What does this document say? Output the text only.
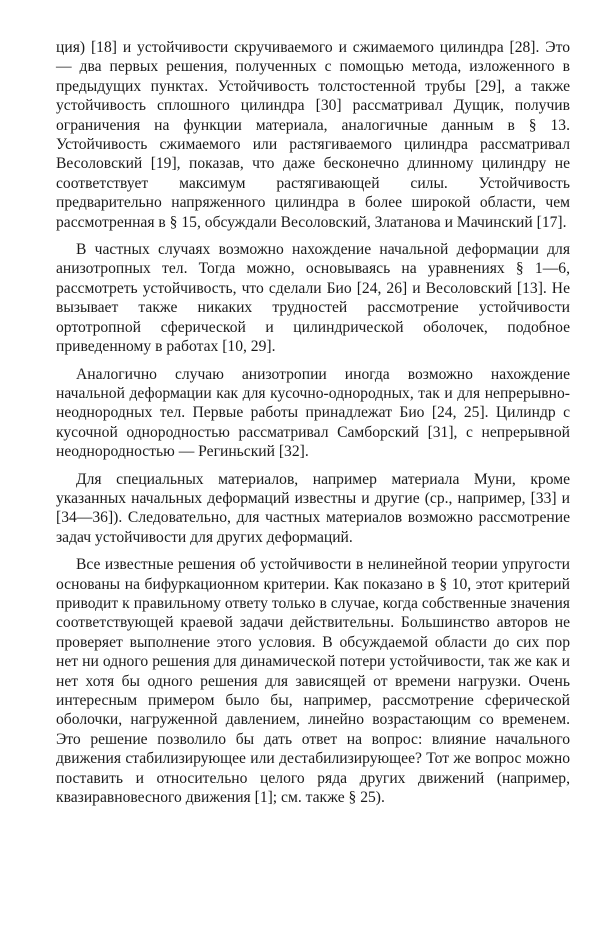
ция) [18] и устойчивости скручиваемого и сжимаемого цилиндра [28]. Это — два первых решения, полученных с помощью метода, изложенного в предыдущих пунктах. Устойчивость толстостенной трубы [29], а также устойчивость сплошного цилиндра [30] рассматривал Дущик, получив ограничения на функции материала, аналогичные данным в § 13. Устойчивость сжимаемого или растягиваемого цилиндра рассматривал Весоловский [19], показав, что даже бесконечно длинному цилиндру не соответствует максимум растягивающей силы. Устойчивость предварительно напряженного цилиндра в более широкой области, чем рассмотренная в § 15, обсуждали Весоловский, Златанова и Мачинский [17].

В частных случаях возможно нахождение начальной деформации для анизотропных тел. Тогда можно, основываясь на уравнениях § 1—6, рассмотреть устойчивость, что сделали Био [24, 26] и Весоловский [13]. Не вызывает также никаких трудностей рассмотрение устойчивости ортотропной сферической и цилиндрической оболочек, подобное приведенному в работах [10, 29].

Аналогично случаю анизотропии иногда возможно нахождение начальной деформации как для кусочно-однородных, так и для непрерывно-неоднородных тел. Первые работы принадлежат Био [24, 25]. Цилиндр с кусочной однородностью рассматривал Самборский [31], с непрерывной неоднородностью — Региньский [32].

Для специальных материалов, например материала Муни, кроме указанных начальных деформаций известны и другие (ср., например, [33] и [34—36]). Следовательно, для частных материалов возможно рассмотрение задач устойчивости для других деформаций.

Все известные решения об устойчивости в нелинейной теории упругости основаны на бифуркационном критерии. Как показано в § 10, этот критерий приводит к правильному ответу только в случае, когда собственные значения соответствующей краевой задачи действительны. Большинство авторов не проверяет выполнение этого условия. В обсуждаемой области до сих пор нет ни одного решения для динамической потери устойчивости, так же как и нет хотя бы одного решения для зависящей от времени нагрузки. Очень интересным примером было бы, например, рассмотрение сферической оболочки, нагруженной давлением, линейно возрастающим со временем. Это решение позволило бы дать ответ на вопрос: влияние начального движения стабилизирующее или дестабилизирующее? Тот же вопрос можно поставить и относительно целого ряда других движений (например, квазиравновесного движения [1]; см. также § 25).
